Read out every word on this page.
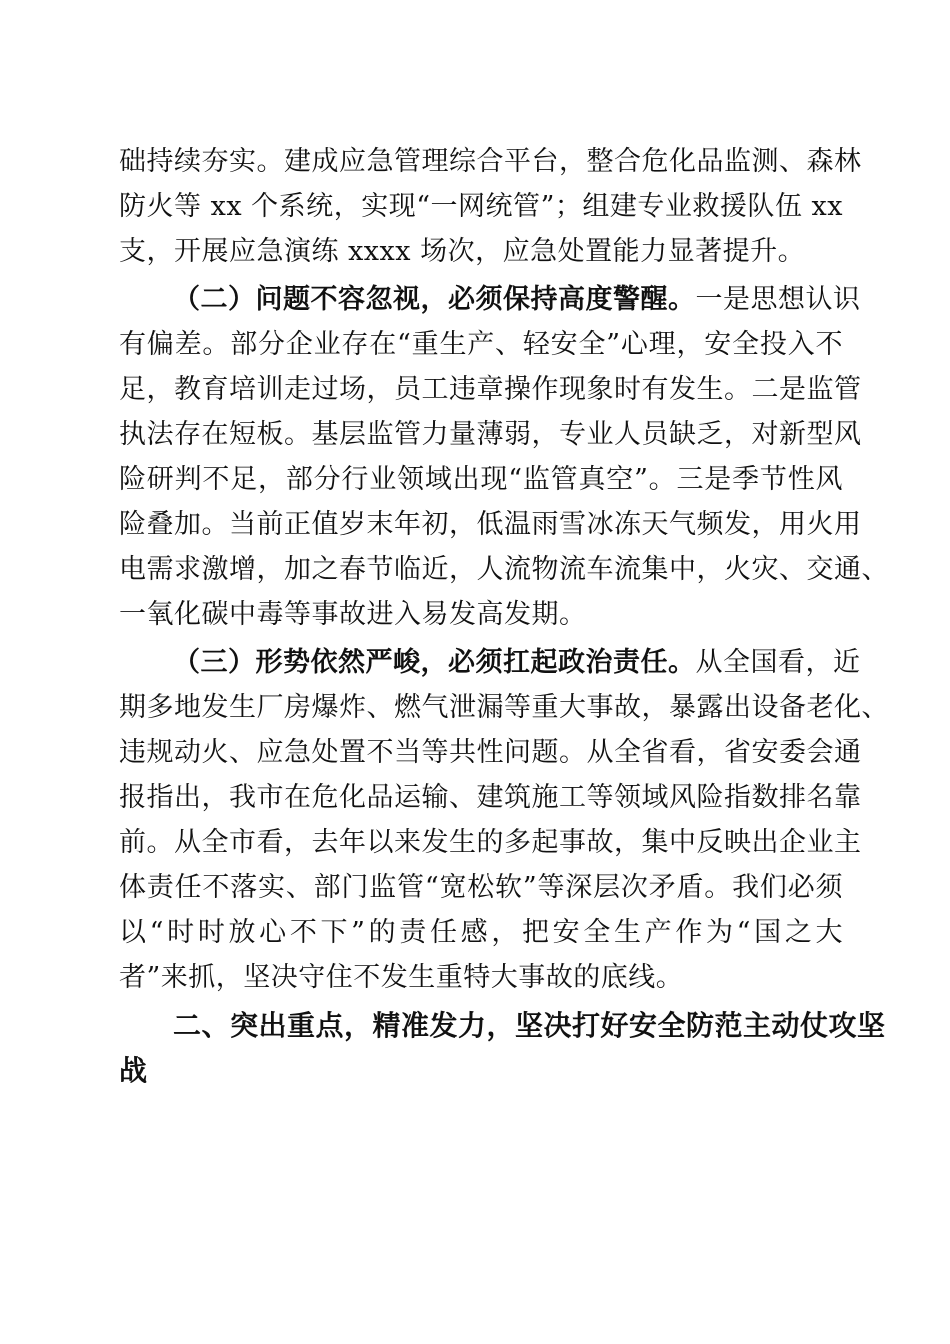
础持续夯实。建成应急管理综合平台，整合危化品监测、森林
防火等 xx 个系统，实现“一网统管”；组建专业救援队伍 xx
支，开展应急演练 xxxx 场次，应急处置能力显著提升。
（二）问题不容忽视，必须保持高度警醒。一是思想认识
有偏差。部分企业存在“重生产、轻安全”心理，安全投入不
足，教育培训走过场，员工违章操作现象时有发生。二是监管
执法存在短板。基层监管力量薄弱，专业人员缺乏，对新型风
险研判不足，部分行业领域出现“监管真空”。三是季节性风
险叠加。当前正值岁末年初，低温雨雪冰冻天气频发，用火用
电需求激增，加之春节临近，人流物流车流集中，火灾、交通、
一氧化碳中毒等事故进入易发高发期。
（三）形势依然严峻，必须扛起政治责任。从全国看，近
期多地发生厂房爆炸、燃气泄漏等重大事故，暴露出设备老化、
违规动火、应急处置不当等共性问题。从全省看，省安委会通
报指出，我市在危化品运输、建筑施工等领域风险指数排名靠
前。从全市看，去年以来发生的多起事故，集中反映出企业主
体责任不落实、部门监管“宽松软”等深层次矛盾。我们必须
以“时时放心不下”的责任感，把安全生产作为“国之大
者”来抓，坚决守住不发生重特大事故的底线。
二、突出重点，精准发力，坚决打好安全防范主动仗攻坚
战
